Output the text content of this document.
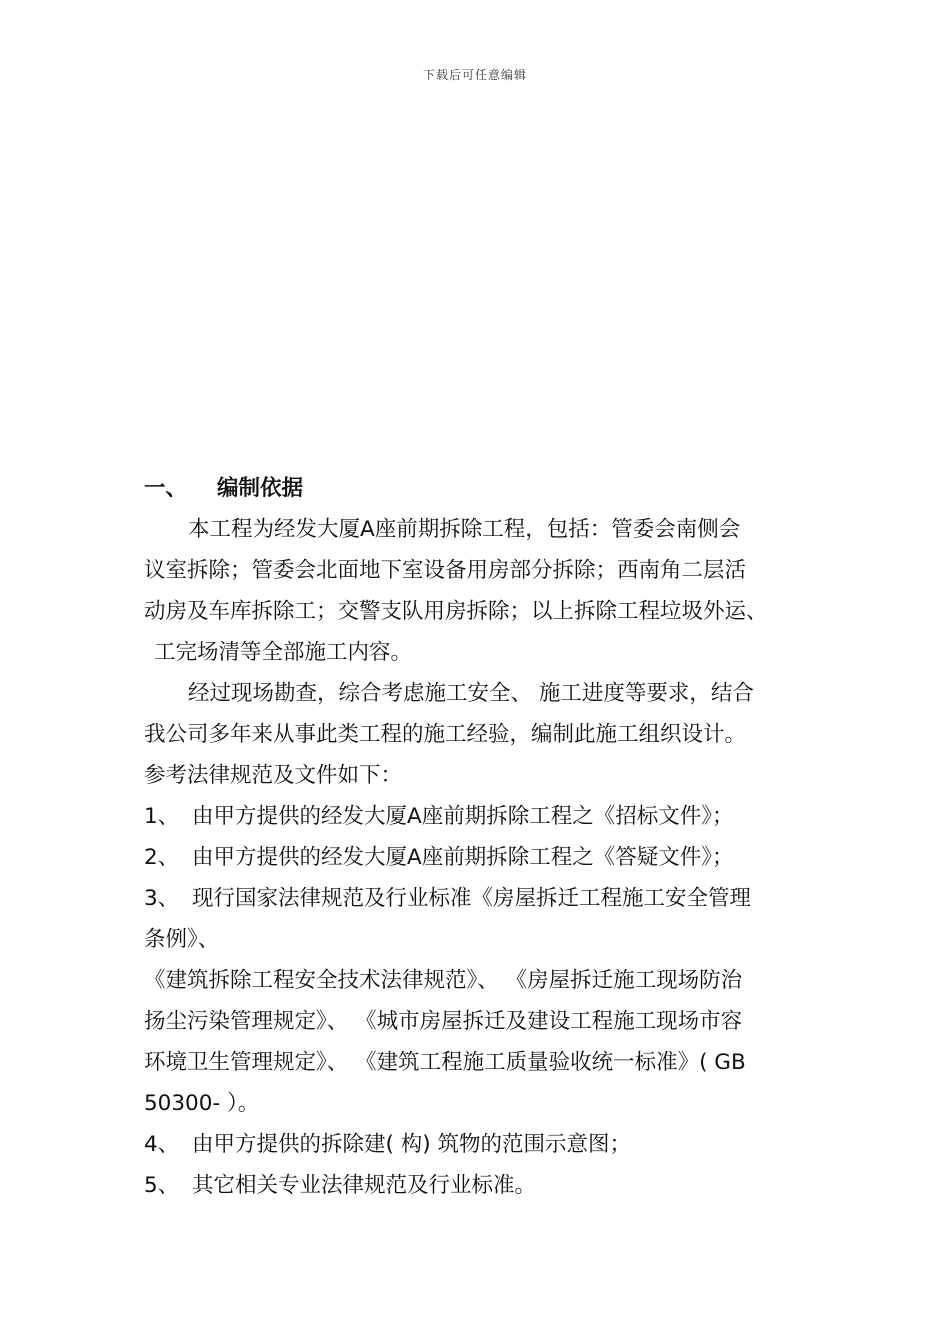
下载后可任意编辑
一、 编制依据
本工程为经发大厦A座前期拆除工程，包括：管委会南侧会
议室拆除；管委会北面地下室设备用房部分拆除；西南角二层活
动房及车库拆除工；交警支队用房拆除；以上拆除工程垃圾外运、
工完场清等全部施工内容。
经过现场勘查，综合考虑施工安全、 施工进度等要求，结合
我公司多年来从事此类工程的施工经验，编制此施工组织设计。
参考法律规范及文件如下：
1、 由甲方提供的经发大厦A座前期拆除工程之《招标文件》；
2、 由甲方提供的经发大厦A座前期拆除工程之《答疑文件》；
3、 现行国家法律规范及行业标准《房屋拆迁工程施工安全管理
条例》、
《建筑拆除工程安全技术法律规范》、 《房屋拆迁施工现场防治
扬尘污染管理规定》、 《城市房屋拆迁及建设工程施工现场市容
环境卫生管理规定》、 《建筑工程施工质量验收统一标准》( GB
50300- ）。
4、 由甲方提供的拆除建( 构) 筑物的范围示意图；
5、 其它相关专业法律规范及行业标准。
